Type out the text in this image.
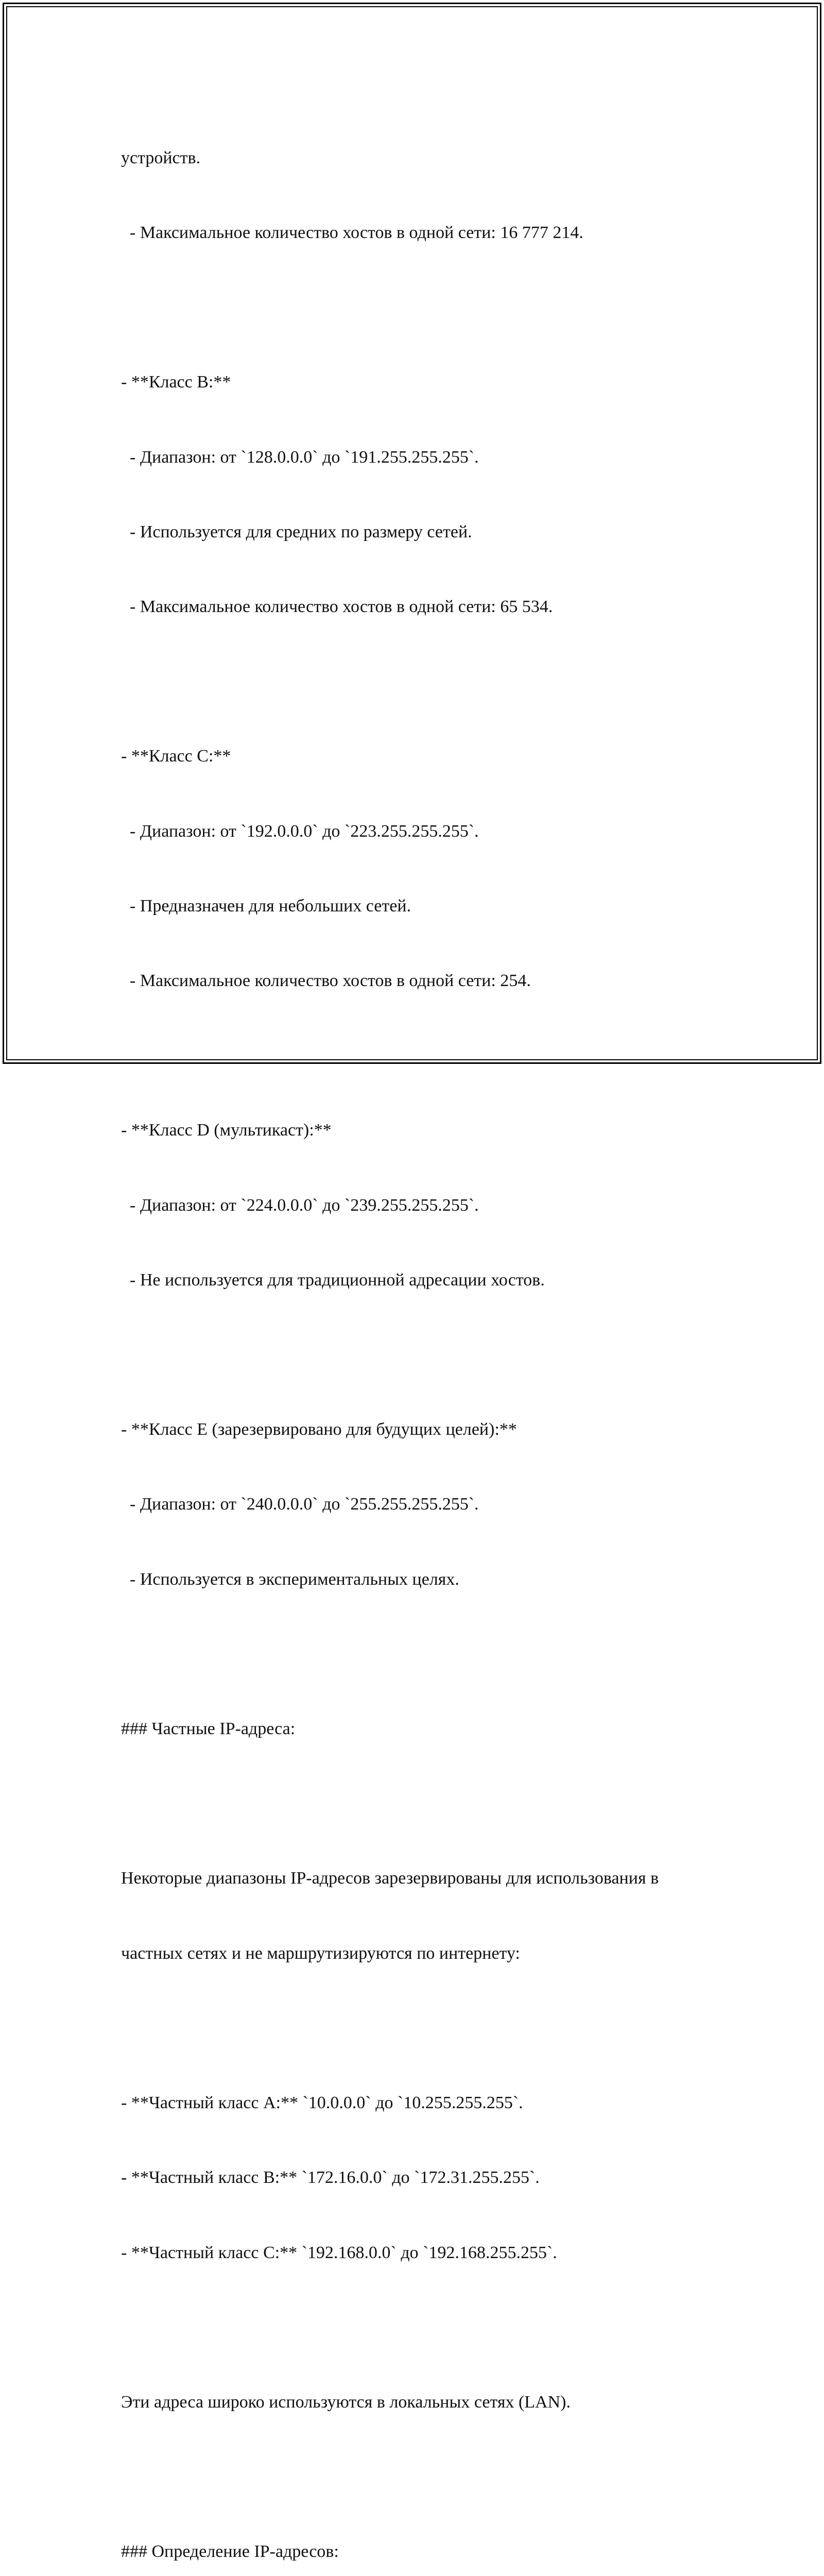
устройств.

- Максимальное количество хостов в одной сети: 16 777 214.

- **Класс B:**

- Диапазон: от `128.0.0.0` до `191.255.255.255`.

- Используется для средних по размеру сетей.

- Максимальное количество хостов в одной сети: 65 534.

- **Класс C:**

- Диапазон: от `192.0.0.0` до `223.255.255.255`.

- Предназначен для небольших сетей.

- Максимальное количество хостов в одной сети: 254.

- **Класс D (мультикаст):**

- Диапазон: от `224.0.0.0` до `239.255.255.255`.

- Не используется для традиционной адресации хостов.

- **Класс E (зарезервировано для будущих целей):**

- Диапазон: от `240.0.0.0` до `255.255.255.255`.

- Используется в экспериментальных целях.

### Частные IP-адреса:

Некоторые диапазоны IP-адресов зарезервированы для использования в

частных сетях и не маршрутизируются по интернету:

- **Частный класс A:** `10.0.0.0` до `10.255.255.255`.

- **Частный класс B:** `172.16.0.0` до `172.31.255.255`.

- **Частный класс C:** `192.168.0.0` до `192.168.255.255`.

Эти адреса широко используются в локальных сетях (LAN).

### Определение IP-адресов:
